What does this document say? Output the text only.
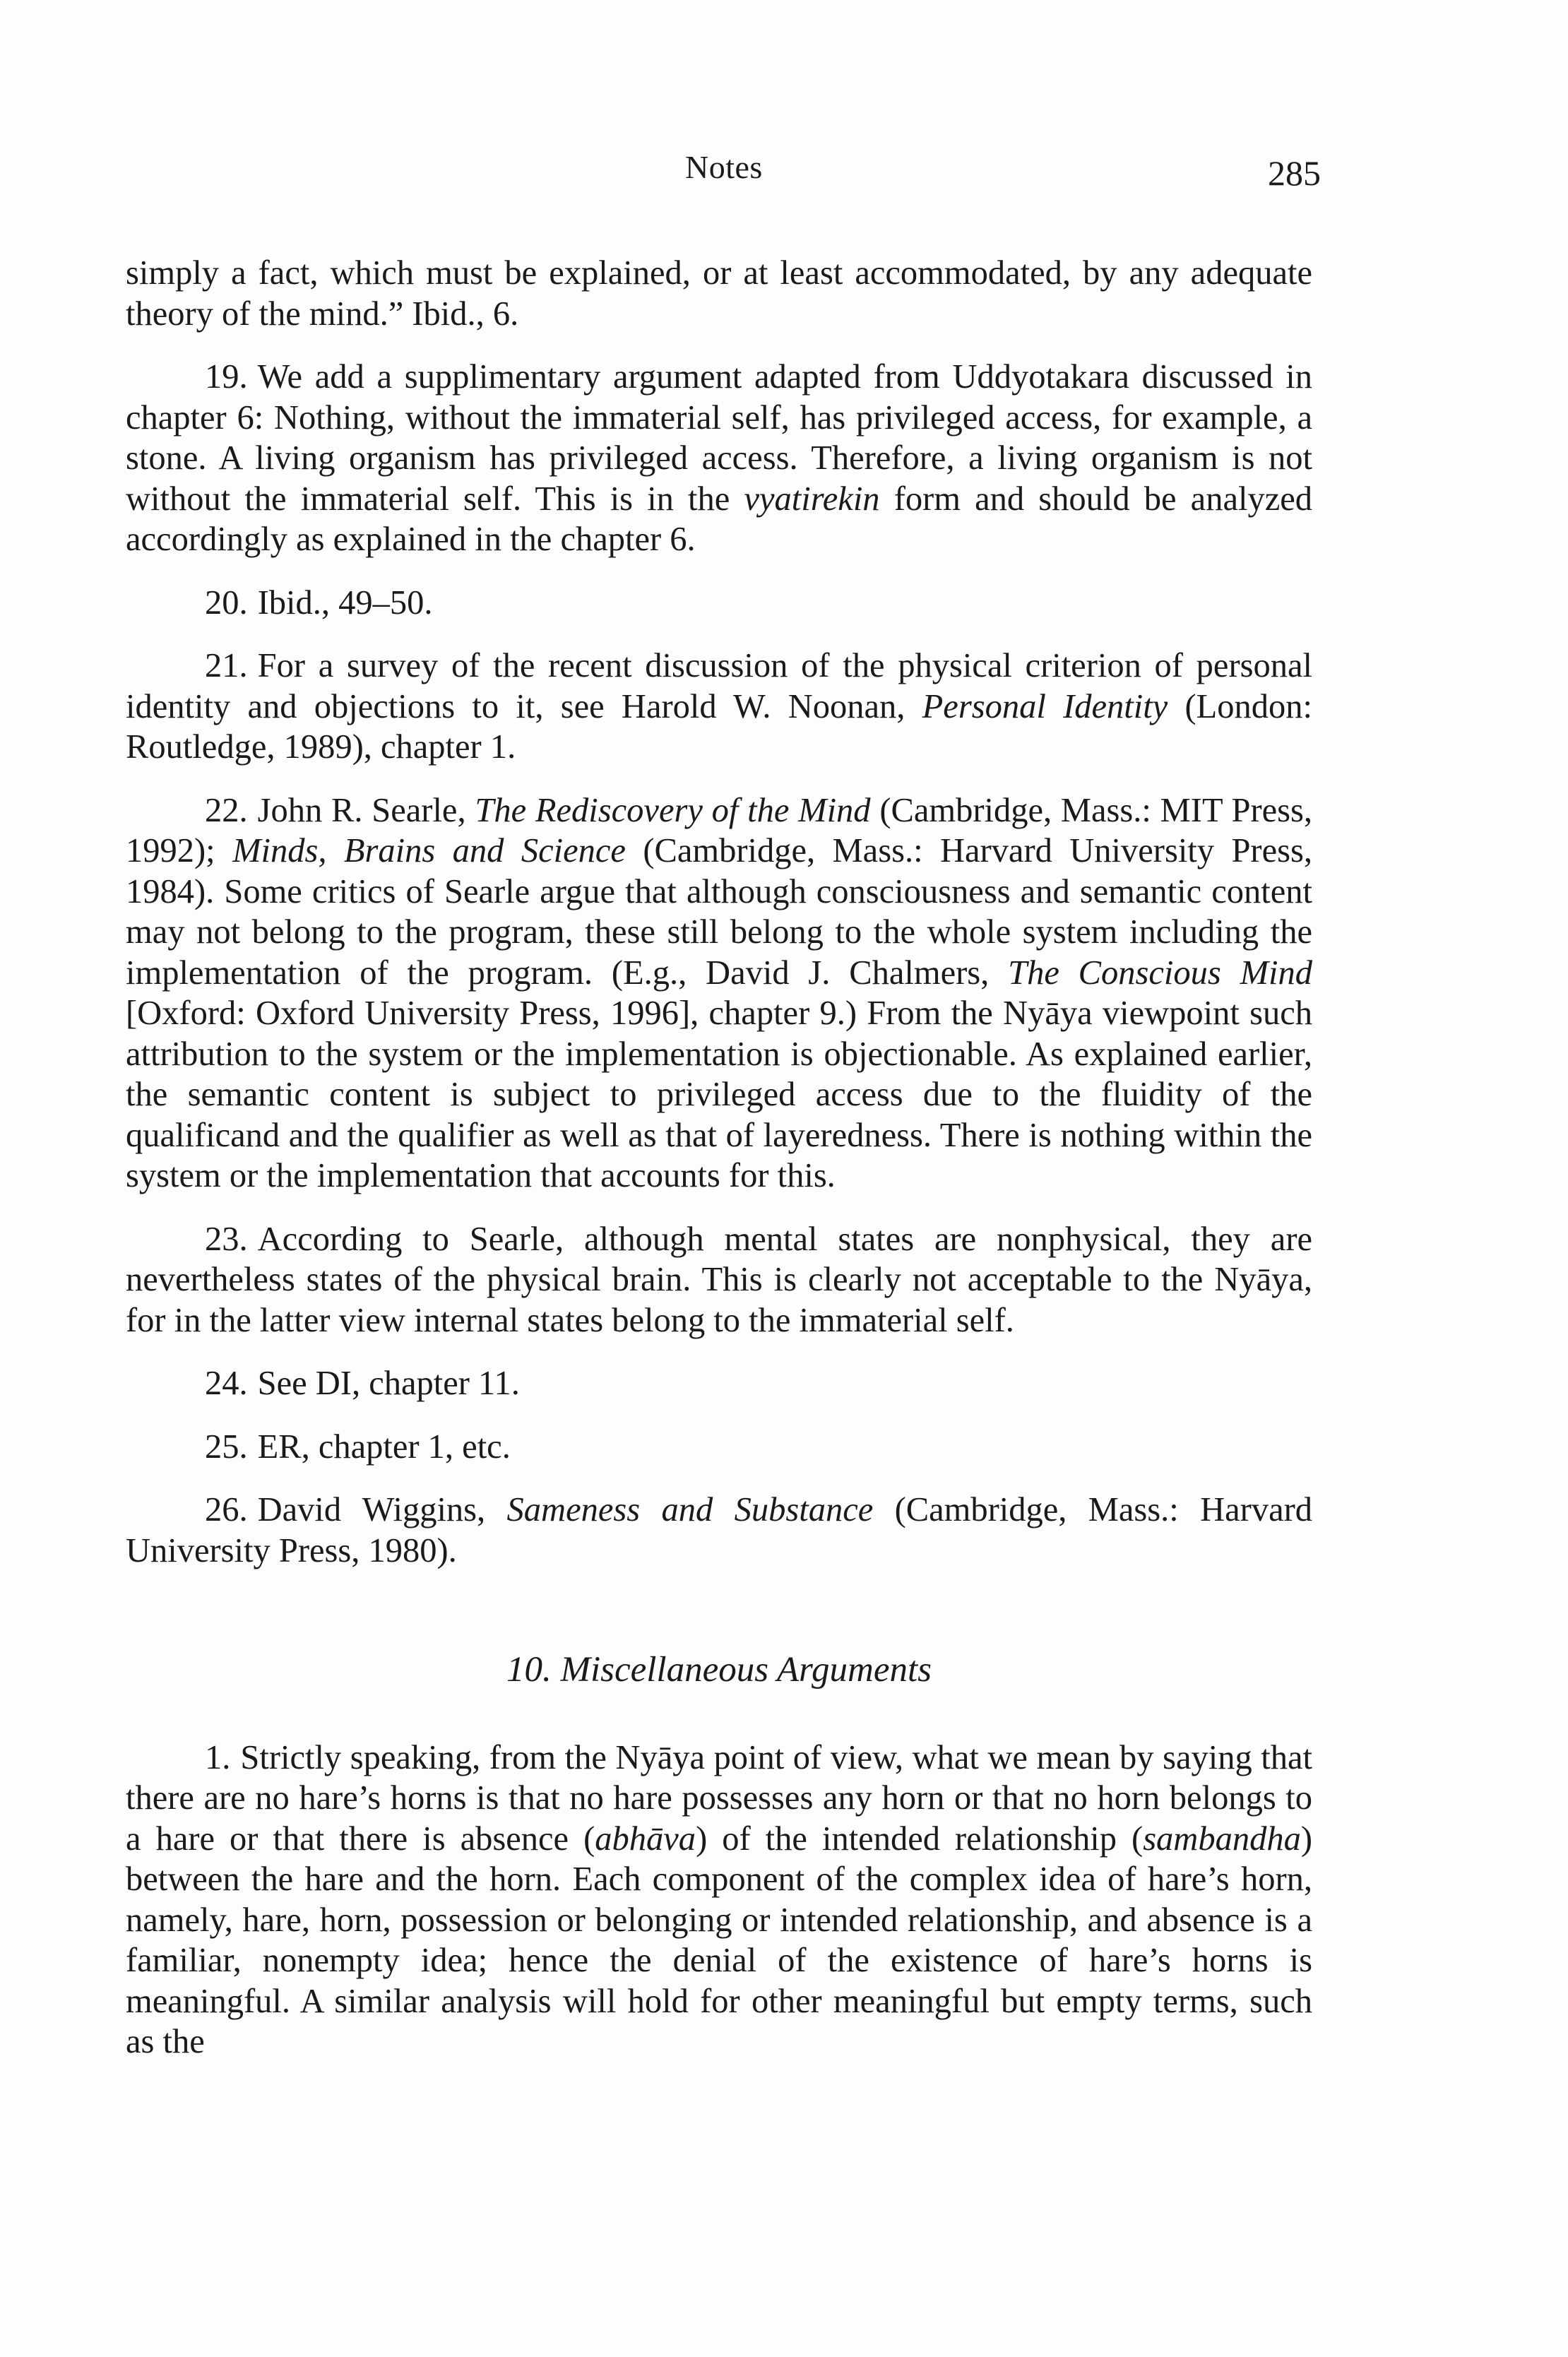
Notes	285

simply a fact, which must be explained, or at least accommodated, by any adequate theory of the mind.” Ibid., 6.

19. We add a supplimentary argument adapted from Uddyotakara discussed in chapter 6: Nothing, without the immaterial self, has privileged access, for example, a stone. A living organism has privileged access. Therefore, a living organism is not without the immaterial self. This is in the vyatirekin form and should be analyzed accordingly as explained in the chapter 6.

20. Ibid., 49–50.

21. For a survey of the recent discussion of the physical criterion of personal identity and objections to it, see Harold W. Noonan, Personal Identity (London: Routledge, 1989), chapter 1.

22. John R. Searle, The Rediscovery of the Mind (Cambridge, Mass.: MIT Press, 1992); Minds, Brains and Science (Cambridge, Mass.: Harvard University Press, 1984). Some critics of Searle argue that although consciousness and semantic content may not belong to the program, these still belong to the whole system including the implementation of the program. (E.g., David J. Chalmers, The Conscious Mind [Oxford: Oxford University Press, 1996], chapter 9.) From the Nyāya viewpoint such attribution to the system or the implementation is objectionable. As explained earlier, the semantic content is subject to privileged access due to the fluidity of the qualificand and the qualifier as well as that of layeredness. There is nothing within the system or the implementation that accounts for this.

23. According to Searle, although mental states are nonphysical, they are nevertheless states of the physical brain. This is clearly not acceptable to the Nyāya, for in the latter view internal states belong to the immaterial self.

24. See DI, chapter 11.

25. ER, chapter 1, etc.

26. David Wiggins, Sameness and Substance (Cambridge, Mass.: Harvard University Press, 1980).

10. Miscellaneous Arguments

1. Strictly speaking, from the Nyāya point of view, what we mean by saying that there are no hare’s horns is that no hare possesses any horn or that no horn belongs to a hare or that there is absence (abhāva) of the intended relationship (sambandha) between the hare and the horn. Each component of the complex idea of hare’s horn, namely, hare, horn, possession or belonging or intended relationship, and absence is a familiar, nonempty idea; hence the denial of the existence of hare’s horns is meaningful. A similar analysis will hold for other meaningful but empty terms, such as the
